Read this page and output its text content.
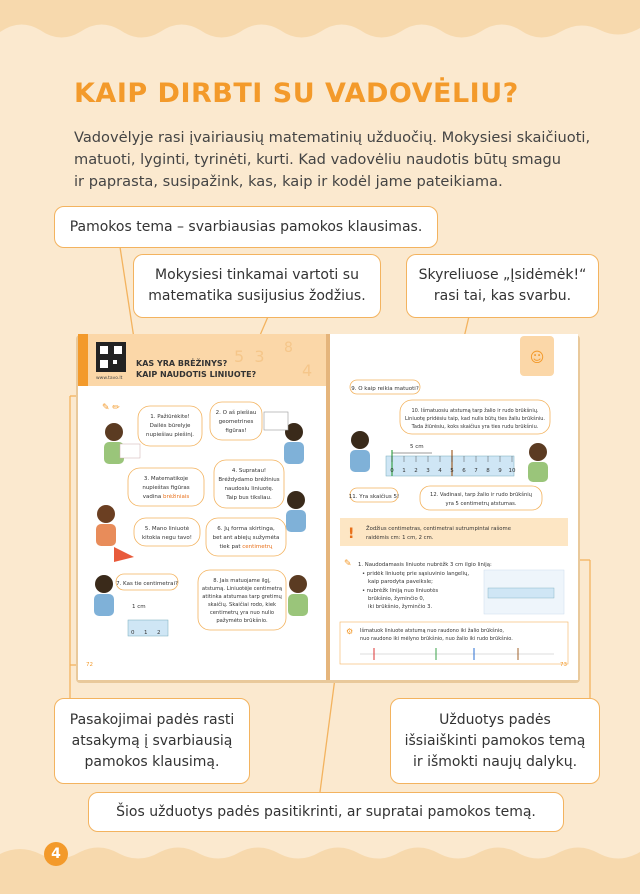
KAIP DIRBTI SU VADOVĖLIU?

Vadovėlyje rasi įvairiausių matematinių užduočių. Mokysiesi skaičiuoti,
matuoti, lyginti, tyrinėti, kurti. Kad vadovėliu naudotis būtų smagu
ir paprasta, susipažink, kas, kaip ir kodėl jame pateikiama.

www.tavo.lt
KAS YRA BRĖŽINYS?
KAIP NAUDOTIS LINIUOTE?
5  3 8
4
✎ ✏
1. Pažiūrėkite!
Dailės būrelyje
nupiešiau piešinį.
2. O aš piešiau
geometrines
figūras!
3. Matematikoje
nupieštas figūras
vadina brėžiniais
4. Supratau!
Brėždydamo brėžinius
naudosiu liniuotę.
Taip bus tiksliau.
5. Mano liniuotė
kitokia negu tavo!
6. Jų forma skirtinga,
bet ant abiejų sužymėta
tiek pat centimetrų
7. Kas tie centimetrai?	8. Jais matuojame ilgį,
atstumą. Liniuotėje centimetrą
atitinka atstumas tarp gretimų
skaičių. Skaičiai rodo, kiek
centimetrų yra nuo nulio
pažymėto brūkšnio.
1 cm
0 1 2
72
☺
9. O kaip reikia matuoti?
10. Išmatuosiu atstumą tarp žalio ir rudo brūkšnių.
Liniuotę pridėsiu taip, kad nulis būtų ties žaliu brūkšniu.
Tada žiūrėsiu, koks skaičius yra ties rudu brūkšniu.
5 cm
0 1 2 3 4 5 6 7 8 9 10
11. Yra skaičius 5!	12. Vadinasi, tarp žalio ir rudo brūkšnių
yra 5 centimetrų atstumas.
! Žodžius centimetras, centimetrai sutrumpintai rašome
raidėmis cm: 1 cm, 2 cm.
✎ 1. Naudodamasis liniuote nubrėžk 3 cm ilgio liniją:
• pridėk liniuotę prie sąsiuvinio langelių,
kaip parodyta paveiksle;
• nubrėžk liniją nuo liniuotės
brūkšnio, žyminčio 0,
iki brūkšnio, žyminčio 3.
⚙ Išmatuok liniuote atstumą nuo raudono iki žalio brūkšnio,
nuo raudono iki mėlyno brūkšnio, nuo žalio iki rudo brūkšnio.
73
Pamokos tema – svarbiausias pamokos klausimas.
Mokysiesi tinkamai vartoti su
matematika susijusius žodžius.
Skyreliuose „Įsidėmėk!“
rasi tai, kas svarbu.
Pasakojimai padės rasti
atsakymą į svarbiausią
pamokos klausimą.
Užduotys padės
išsiaiškinti pamokos temą
ir išmokti naujų dalykų.
Šios užduotys padės pasitikrinti, ar supratai pamokos temą.
4
